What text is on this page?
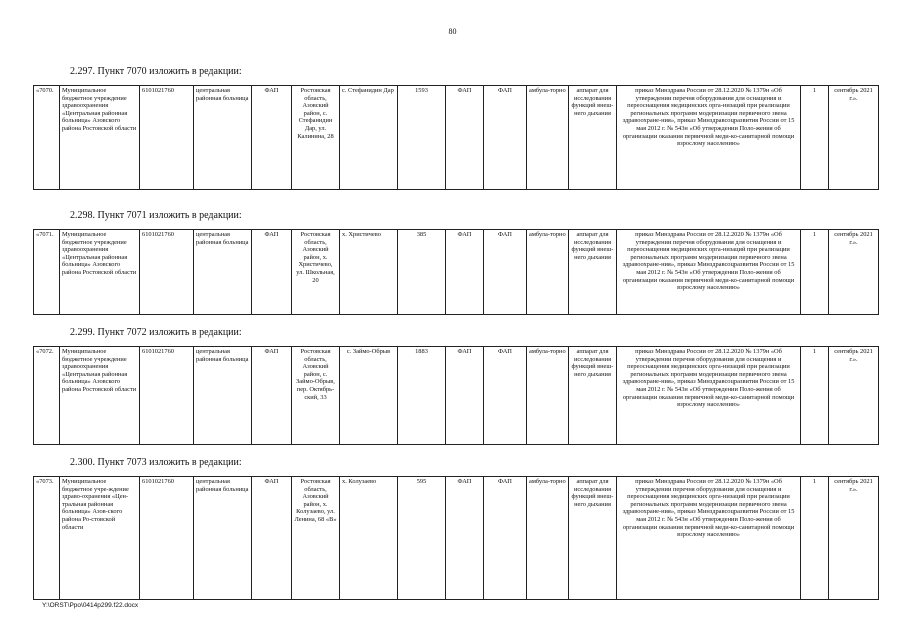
80
2.297. Пункт 7070 изложить в редакции:
«7070.	Муниципальное бюджетное учреждение здравоохранения «Центральная районная больница» Азовского района Ростовской области	6101021760	центральная районная больница	ФАП	Ростовская область, Азовский район, с. Стефанидин Дар, ул. Калинина, 28	с. Стефанидин Дар	1593	ФАП	ФАП	амбула-торно	аппарат для исследования функций внеш-него дыхания	приказ Минздрава России от 28.12.2020 № 1379н «Об утверждении перечня оборудования для оснащения и переоснащения медицинских орга-низаций при реализации региональных программ модернизации первичного звена здравоохране-ния», приказ Минздравсоцразвития России от 15 мая 2012 г. № 543н «Об утверждении Поло-жения об организации оказания первичной меди-ко-санитарной помощи взрослому населению»	1	сентябрь 2021 г.».
2.298. Пункт 7071 изложить в редакции:
«7071.	Муниципальное бюджетное учреждение здравоохранения «Центральная районная больница» Азовского района Ростовской области	6101021760	центральная районная больница	ФАП	Ростовская область, Азовский район, х. Христичево, ул. Школьная, 20	х. Христичево	385	ФАП	ФАП	амбула-торно	аппарат для исследования функций внеш-него дыхания	приказ Минздрава России от 28.12.2020 № 1379н «Об утверждении перечня оборудования для оснащения и переоснащения медицинских орга-низаций при реализации региональных программ модернизации первичного звена здравоохране-ния», приказ Минздравсоцразвития России от 15 мая 2012 г. № 543н «Об утверждении Поло-жения об организации оказания первичной меди-ко-санитарной помощи взрослому населению»	1	сентябрь 2021 г.».
2.299. Пункт 7072 изложить в редакции:
«7072.	Муниципальное бюджетное учреждение здравоохранения «Центральная районная больница» Азовского района Ростовской области	6101021760	центральная районная больница	ФАП	Ростовская область, Азовский район, с. Займо-Обрыв, пер. Октябрь-ский, 33	с. Займо-Обрыв	1883	ФАП	ФАП	амбула-торно	аппарат для исследования функций внеш-него дыхания	приказ Минздрава России от 28.12.2020 № 1379н «Об утверждении перечня оборудования для оснащения и переоснащения медицинских орга-низаций при реализации региональных программ модернизации первичного звена здравоохране-ния», приказ Минздравсоцразвития России от 15 мая 2012 г. № 543н «Об утверждении Поло-жения об организации оказания первичной меди-ко-санитарной помощи взрослому населению»	1	сентябрь 2021 г.».
2.300. Пункт 7073 изложить в редакции:
«7073.	Муниципальное бюджетное учре-ждение здраво-охранения «Цен-тральная районная больница» Азов-ского района Ро-стовской области	6101021760	центральная районная больница	ФАП	Ростовская область, Азовский район, х. Колузаево, ул. Ленина, 68 «В»	х. Колузаево	595	ФАП	ФАП	амбула-торно	аппарат для исследования функций внеш-него дыхания	приказ Минздрава России от 28.12.2020 № 1379н «Об утверждении перечня оборудования для оснащения и переоснащения медицинских орга-низаций при реализации региональных программ модернизации первичного звена здравоохране-ния», приказ Минздравсоцразвития России от 15 мая 2012 г. № 543н «Об утверждении Поло-жения об организации оказания первичной меди-ко-санитарной помощи взрослому населению»	1	сентябрь 2021 г.».
Y:\ORST\Ppo\0414p299.f22.docx
